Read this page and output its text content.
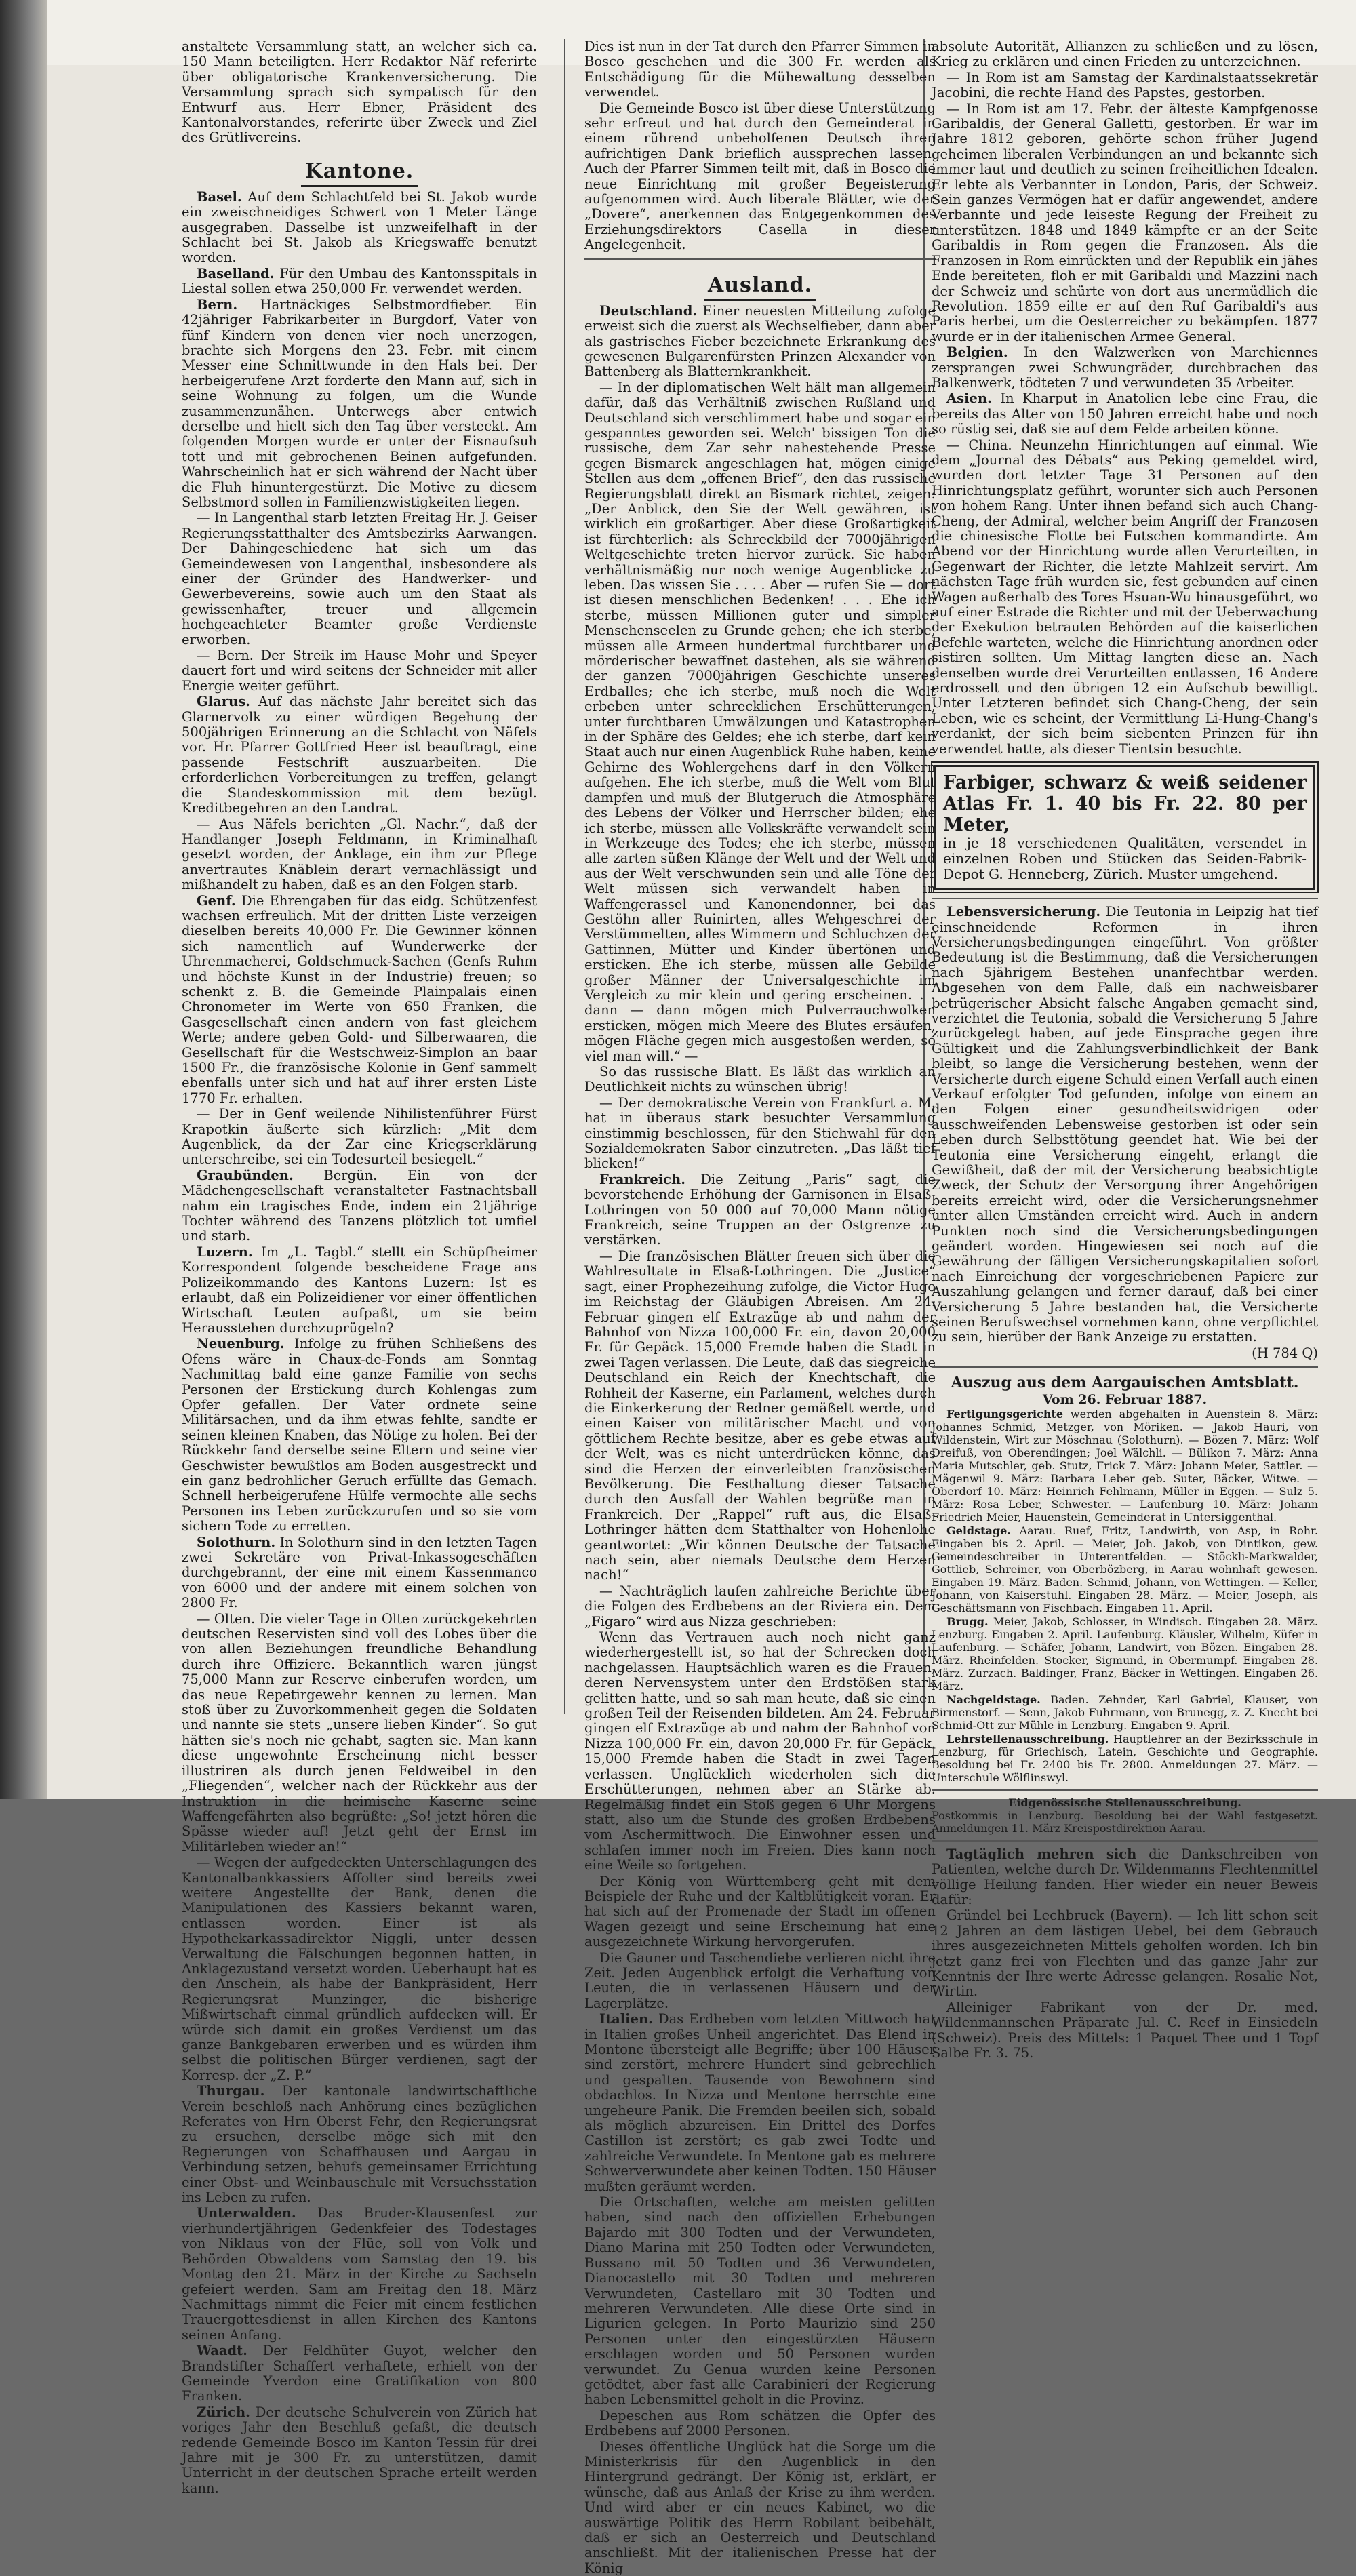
anstaltete Versammlung statt, an welcher sich ca. 150 Mann beteiligten. Herr Redaktor Näf referirte über obligatorische Krankenversicherung. Die Versammlung sprach sich sympatisch für den Entwurf aus. Herr Ebner, Präsident des Kantonalvorstandes, referirte über Zweck und Ziel des Grütlivereins.

Kantone.

Basel. Auf dem Schlachtfeld bei St. Jakob wurde ein zweischneidiges Schwert von 1 Meter Länge ausgegraben. Dasselbe ist unzweifelhaft in der Schlacht bei St. Jakob als Kriegswaffe benutzt worden.

Baselland. Für den Umbau des Kantonsspitals in Liestal sollen etwa 250,000 Fr. verwendet werden.

Bern. Hartnäckiges Selbstmordfieber. Ein 42jähriger Fabrikarbeiter in Burgdorf, Vater von fünf Kindern von denen vier noch unerzogen, brachte sich Morgens den 23. Febr. mit einem Messer eine Schnittwunde in den Hals bei. Der herbeigerufene Arzt forderte den Mann auf, sich in seine Wohnung zu folgen, um die Wunde zusammenzunähen. Unterwegs aber entwich derselbe und hielt sich den Tag über versteckt. Am folgenden Morgen wurde er unter der Eisnaufsuh tott und mit gebrochenen Beinen aufgefunden. Wahrscheinlich hat er sich während der Nacht über die Fluh hinuntergestürzt. Die Motive zu diesem Selbstmord sollen in Familienzwistigkeiten liegen.

— In Langenthal starb letzten Freitag Hr. J. Geiser Regierungsstatthalter des Amtsbezirks Aarwangen. Der Dahingeschiedene hat sich um das Gemeindewesen von Langenthal, insbesondere als einer der Gründer des Handwerker- und Gewerbevereins, sowie auch um den Staat als gewissenhafter, treuer und allgemein hochgeachteter Beamter große Verdienste erworben.

— Bern. Der Streik im Hause Mohr und Speyer dauert fort und wird seitens der Schneider mit aller Energie weiter geführt.

Glarus. Auf das nächste Jahr bereitet sich das Glarnervolk zu einer würdigen Begehung der 500jährigen Erinnerung an die Schlacht von Näfels vor. Hr. Pfarrer Gottfried Heer ist beauftragt, eine passende Festschrift auszuarbeiten. Die erforderlichen Vorbereitungen zu treffen, gelangt die Standeskommission mit dem bezügl. Kreditbegehren an den Landrat.

— Aus Näfels berichten „Gl. Nachr.“, daß der Handlanger Joseph Feldmann, in Kriminalhaft gesetzt worden, der Anklage, ein ihm zur Pflege anvertrautes Knäblein derart vernachlässigt und mißhandelt zu haben, daß es an den Folgen starb.

Genf. Die Ehrengaben für das eidg. Schützenfest wachsen erfreulich. Mit der dritten Liste verzeigen dieselben bereits 40,000 Fr. Die Gewinner können sich namentlich auf Wunderwerke der Uhrenmacherei, Goldschmuck-Sachen (Genfs Ruhm und höchste Kunst in der Industrie) freuen; so schenkt z. B. die Gemeinde Plainpalais einen Chronometer im Werte von 650 Franken, die Gasgesellschaft einen andern von fast gleichem Werte; andere geben Gold- und Silberwaaren, die Gesellschaft für die Westschweiz-Simplon an baar 1500 Fr., die französische Kolonie in Genf sammelt ebenfalls unter sich und hat auf ihrer ersten Liste 1770 Fr. erhalten.

— Der in Genf weilende Nihilistenführer Fürst Krapotkin äußerte sich kürzlich: „Mit dem Augenblick, da der Zar eine Kriegserklärung unterschreibe, sei ein Todesurteil besiegelt.“

Graubünden. Bergün. Ein von der Mädchengesellschaft veranstalteter Fastnachtsball nahm ein tragisches Ende, indem ein 21jährige Tochter während des Tanzens plötzlich tot umfiel und starb.

Luzern. Im „L. Tagbl.“ stellt ein Schüpfheimer Korrespondent folgende bescheidene Frage ans Polizeikommando des Kantons Luzern: Ist es erlaubt, daß ein Polizeidiener vor einer öffentlichen Wirtschaft Leuten aufpaßt, um sie beim Herausstehen durchzuprügeln?

Neuenburg. Infolge zu frühen Schließens des Ofens wäre in Chaux-de-Fonds am Sonntag Nachmittag bald eine ganze Familie von sechs Personen der Erstickung durch Kohlengas zum Opfer gefallen. Der Vater ordnete seine Militärsachen, und da ihm etwas fehlte, sandte er seinen kleinen Knaben, das Nötige zu holen. Bei der Rückkehr fand derselbe seine Eltern und seine vier Geschwister bewußtlos am Boden ausgestreckt und ein ganz bedrohlicher Geruch erfüllte das Gemach. Schnell herbeigerufene Hülfe vermochte alle sechs Personen ins Leben zurückzurufen und so sie vom sichern Tode zu erretten.

Solothurn. In Solothurn sind in den letzten Tagen zwei Sekretäre von Privat-Inkassogeschäften durchgebrannt, der eine mit einem Kassenmanco von 6000 und der andere mit einem solchen von 2800 Fr.

— Olten. Die vieler Tage in Olten zurückgekehrten deutschen Reservisten sind voll des Lobes über die von allen Beziehungen freundliche Behandlung durch ihre Offiziere. Bekanntlich waren jüngst 75,000 Mann zur Reserve einberufen worden, um das neue Repetirgewehr kennen zu lernen. Man stoß über zu Zuvorkommenheit gegen die Soldaten und nannte sie stets „unsere lieben Kinder“. So gut hätten sie's noch nie gehabt, sagten sie. Man kann diese ungewohnte Erscheinung nicht besser illustriren als durch jenen Feldweibel in den „Fliegenden“, welcher nach der Rückkehr aus der Instruktion in die heimische Kaserne seine Waffengefährten also begrüßte: „So! jetzt hören die Spässe wieder auf! Jetzt geht der Ernst im Militärleben wieder an!“

— Wegen der aufgedeckten Unterschlagungen des Kantonalbankkassiers Affolter sind bereits zwei weitere Angestellte der Bank, denen die Manipulationen des Kassiers bekannt waren, entlassen worden. Einer ist als Hypothekarkassadirektor Niggli, unter dessen Verwaltung die Fälschungen begonnen hatten, in Anklagezustand versetzt worden. Ueberhaupt hat es den Anschein, als habe der Bankpräsident, Herr Regierungsrat Munzinger, die bisherige Mißwirtschaft einmal gründlich aufdecken will. Er würde sich damit ein großes Verdienst um das ganze Bankgebaren erwerben und es würden ihm selbst die politischen Bürger verdienen, sagt der Korresp. der „Z. P.“

Thurgau. Der kantonale landwirtschaftliche Verein beschloß nach Anhörung eines bezüglichen Referates von Hrn Oberst Fehr, den Regierungsrat zu ersuchen, derselbe möge sich mit den Regierungen von Schaffhausen und Aargau in Verbindung setzen, behufs gemeinsamer Errichtung einer Obst- und Weinbauschule mit Versuchsstation ins Leben zu rufen.

Unterwalden. Das Bruder-Klausenfest zur vierhundertjährigen Gedenkfeier des Todestages von Niklaus von der Flüe, soll von Volk und Behörden Obwaldens vom Samstag den 19. bis Montag den 21. März in der Kirche zu Sachseln gefeiert werden. Sam am Freitag den 18. März Nachmittags nimmt die Feier mit einem festlichen Trauergottesdienst in allen Kirchen des Kantons seinen Anfang.

Waadt. Der Feldhüter Guyot, welcher den Brandstifter Schaffert verhaftete, erhielt von der Gemeinde Yverdon eine Gratifikation von 800 Franken.

Zürich. Der deutsche Schulverein von Zürich hat voriges Jahr den Beschluß gefaßt, die deutsch redende Gemeinde Bosco im Kanton Tessin für drei Jahre mit je 300 Fr. zu unterstützen, damit Unterricht in der deutschen Sprache erteilt werden kann.

Dies ist nun in der Tat durch den Pfarrer Simmen in Bosco geschehen und die 300 Fr. werden als Entschädigung für die Mühewaltung desselben verwendet.

Die Gemeinde Bosco ist über diese Unterstützung sehr erfreut und hat durch den Gemeinderat in einem rührend unbeholfenen Deutsch ihren aufrichtigen Dank brieflich aussprechen lassen. Auch der Pfarrer Simmen teilt mit, daß in Bosco die neue Einrichtung mit großer Begeisterung aufgenommen wird. Auch liberale Blätter, wie der „Dovere“, anerkennen das Entgegenkommen des Erziehungsdirektors Casella in dieser Angelegenheit.

Ausland.

Deutschland. Einer neuesten Mitteilung zufolge erweist sich die zuerst als Wechselfieber, dann aber als gastrisches Fieber bezeichnete Erkrankung des gewesenen Bulgarenfürsten Prinzen Alexander von Battenberg als Blatternkrankheit.

— In der diplomatischen Welt hält man allgemein dafür, daß das Verhältniß zwischen Rußland und Deutschland sich verschlimmert habe und sogar ein gespanntes geworden sei. Welch' bissigen Ton die russische, dem Zar sehr nahestehende Presse gegen Bismarck angeschlagen hat, mögen einige Stellen aus dem „offenen Brief“, den das russische Regierungsblatt direkt an Bismark richtet, zeigen: „Der Anblick, den Sie der Welt gewähren, ist wirklich ein großartiger. Aber diese Großartigkeit ist fürchterlich: als Schreckbild der 7000jährigen Weltgeschichte treten hiervor zurück. Sie haben verhältnismäßig nur noch wenige Augenblicke zu leben. Das wissen Sie . . . . Aber — rufen Sie — dort ist diesen menschlichen Bedenken! . . . Ehe ich sterbe, müssen Millionen guter und simpler Menschenseelen zu Grunde gehen; ehe ich sterbe, müssen alle Armeen hundertmal furchtbarer und mörderischer bewaffnet dastehen, als sie während der ganzen 7000jährigen Geschichte unseres Erdballes; ehe ich sterbe, muß noch die Welt erbeben unter schrecklichen Erschütterungen, unter furchtbaren Umwälzungen und Katastrophen in der Sphäre des Geldes; ehe ich sterbe, darf kein Staat auch nur einen Augenblick Ruhe haben, keine Gehirne des Wohlergehens darf in den Völkern aufgehen. Ehe ich sterbe, muß die Welt vom Blut dampfen und muß der Blutgeruch die Atmosphäre des Lebens der Völker und Herrscher bilden; ehe ich sterbe, müssen alle Volkskräfte verwandelt sein in Werkzeuge des Todes; ehe ich sterbe, müssen alle zarten süßen Klänge der Welt und der Welt und aus der Welt verschwunden sein und alle Töne der Welt müssen sich verwandelt haben in Waffengerassel und Kanonendonner, bei das Gestöhn aller Ruinirten, alles Wehgeschrei der Verstümmelten, alles Wimmern und Schluchzen der Gattinnen, Mütter und Kinder übertönen und ersticken. Ehe ich sterbe, müssen alle Gebilde großer Männer der Universalgeschichte im Vergleich zu mir klein und gering erscheinen. . . dann — dann mögen mich Pulverrauchwolken ersticken, mögen mich Meere des Blutes ersäufen, mögen Fläche gegen mich ausgestoßen werden, so viel man will.“ —

So das russische Blatt. Es läßt das wirklich an Deutlichkeit nichts zu wünschen übrig!

— Der demokratische Verein von Frankfurt a. M. hat in überaus stark besuchter Versammlung einstimmig beschlossen, für den Stichwahl für den Sozialdemokraten Sabor einzutreten. „Das läßt tief blicken!“

Frankreich. Die Zeitung „Paris“ sagt, die bevorstehende Erhöhung der Garnisonen in Elsaß-Lothringen von 50 000 auf 70,000 Mann nötige Frankreich, seine Truppen an der Ostgrenze zu verstärken.

— Die französischen Blätter freuen sich über die Wahlresultate in Elsaß-Lothringen. Die „Justice“ sagt, einer Prophezeihung zufolge, die Victor Hugo im Reichstag der Gläubigen Abreisen. Am 24. Februar gingen elf Extrazüge ab und nahm der Bahnhof von Nizza 100,000 Fr. ein, davon 20,000 Fr. für Gepäck. 15,000 Fremde haben die Stadt in zwei Tagen verlassen. Die Leute, daß das siegreiche Deutschland ein Reich der Knechtschaft, die Rohheit der Kaserne, ein Parlament, welches durch die Einkerkerung der Redner gemäßelt werde, und einen Kaiser von militärischer Macht und von göttlichem Rechte besitze, aber es gebe etwas auf der Welt, was es nicht unterdrücken könne, das sind die Herzen der einverleibten französischen Bevölkerung. Die Festhaltung dieser Tatsache durch den Ausfall der Wahlen begrüße man in Frankreich. Der „Rappel“ ruft aus, die Elsaß-Lothringer hätten dem Statthalter von Hohenlohe geantwortet: „Wir können Deutsche der Tatsache nach sein, aber niemals Deutsche dem Herzen nach!“

— Nachträglich laufen zahlreiche Berichte über die Folgen des Erdbebens an der Riviera ein. Dem „Figaro“ wird aus Nizza geschrieben:

Wenn das Vertrauen auch noch nicht ganz wiederhergestellt ist, so hat der Schrecken doch nachgelassen. Hauptsächlich waren es die Frauen, deren Nervensystem unter den Erdstößen stark gelitten hatte, und so sah man heute, daß sie einen großen Teil der Reisenden bildeten. Am 24. Februar gingen elf Extrazüge ab und nahm der Bahnhof von Nizza 100,000 Fr. ein, davon 20,000 Fr. für Gepäck. 15,000 Fremde haben die Stadt in zwei Tagen verlassen. Unglücklich wiederholen sich die Erschütterungen, nehmen aber an Stärke ab. Regelmäßig findet ein Stoß gegen 6 Uhr Morgens statt, also um die Stunde des großen Erdbebens vom Aschermittwoch. Die Einwohner essen und schlafen immer noch im Freien. Dies kann noch eine Weile so fortgehen.

Der König von Württemberg geht mit dem Beispiele der Ruhe und der Kaltblütigkeit voran. Er hat sich auf der Promenade der Stadt im offenen Wagen gezeigt und seine Erscheinung hat eine ausgezeichnete Wirkung hervorgerufen.

Die Gauner und Taschendiebe verlieren nicht ihre Zeit. Jeden Augenblick erfolgt die Verhaftung von Leuten, die in verlassenen Häusern und der Lagerplätze.

Italien. Das Erdbeben vom letzten Mittwoch hat in Italien großes Unheil angerichtet. Das Elend in Montone übersteigt alle Begriffe; über 100 Häuser sind zerstört, mehrere Hundert sind gebrechlich und gespalten. Tausende von Bewohnern sind obdachlos. In Nizza und Mentone herrschte eine ungeheure Panik. Die Fremden beeilen sich, sobald als möglich abzureisen. Ein Drittel des Dorfes Castillon ist zerstört; es gab zwei Todte und zahlreiche Verwundete. In Mentone gab es mehrere Schwerverwundete aber keinen Todten. 150 Häuser mußten geräumt werden.

Die Ortschaften, welche am meisten gelitten haben, sind nach den offiziellen Erhebungen Bajardo mit 300 Todten und der Verwundeten, Diano Marina mit 250 Todten oder Verwundeten, Bussano mit 50 Todten und 36 Verwundeten, Dianocastello mit 30 Todten und mehreren Verwundeten, Castellaro mit 30 Todten und mehreren Verwundeten. Alle diese Orte sind in Ligurien gelegen. In Porto Maurizio sind 250 Personen unter den eingestürzten Häusern erschlagen worden und 50 Personen wurden verwundet. Zu Genua wurden keine Personen getödtet, aber fast alle Carabinieri der Regierung haben Lebensmittel geholt in die Provinz.

Depeschen aus Rom schätzen die Opfer des Erdbebens auf 2000 Personen.

Dieses öffentliche Unglück hat die Sorge um die Ministerkrisis für den Augenblick in den Hintergrund gedrängt. Der König ist, erklärt, er wünsche, daß aus Anlaß der Krise zu ihm werden. Und wird aber er ein neues Kabinet, wo die auswärtige Politik des Herrn Robilant beibehält, daß er sich an Oesterreich und Deutschland anschließt. Mit der italienischen Presse hat der König

absolute Autorität, Allianzen zu schließen und zu lösen, Krieg zu erklären und einen Frieden zu unterzeichnen.

— In Rom ist am Samstag der Kardinalstaatssekretär Jacobini, die rechte Hand des Papstes, gestorben.

— In Rom ist am 17. Febr. der älteste Kampfgenosse Garibaldis, der General Galletti, gestorben. Er war im Jahre 1812 geboren, gehörte schon früher Jugend geheimen liberalen Verbindungen an und bekannte sich immer laut und deutlich zu seinen freiheitlichen Idealen. Er lebte als Verbannter in London, Paris, der Schweiz. Sein ganzes Vermögen hat er dafür angewendet, andere Verbannte und jede leiseste Regung der Freiheit zu unterstützen. 1848 und 1849 kämpfte er an der Seite Garibaldis in Rom gegen die Franzosen. Als die Franzosen in Rom einrückten und der Republik ein jähes Ende bereiteten, floh er mit Garibaldi und Mazzini nach der Schweiz und schürte von dort aus unermüdlich die Revolution. 1859 eilte er auf den Ruf Garibaldi's aus Paris herbei, um die Oesterreicher zu bekämpfen. 1877 wurde er in der italienischen Armee General.

Belgien. In den Walzwerken von Marchiennes zersprangen zwei Schwungräder, durchbrachen das Balkenwerk, tödteten 7 und verwundeten 35 Arbeiter.

Asien. In Kharput in Anatolien lebe eine Frau, die bereits das Alter von 150 Jahren erreicht habe und noch so rüstig sei, daß sie auf dem Felde arbeiten könne.

— China. Neunzehn Hinrichtungen auf einmal. Wie dem „Journal des Débats“ aus Peking gemeldet wird, wurden dort letzter Tage 31 Personen auf den Hinrichtungsplatz geführt, worunter sich auch Personen von hohem Rang. Unter ihnen befand sich auch Chang-Cheng, der Admiral, welcher beim Angriff der Franzosen die chinesische Flotte bei Futschen kommandirte. Am Abend vor der Hinrichtung wurde allen Verurteilten, in Gegenwart der Richter, die letzte Mahlzeit servirt. Am nächsten Tage früh wurden sie, fest gebunden auf einen Wagen außerhalb des Tores Hsuan-Wu hinausgeführt, wo auf einer Estrade die Richter und mit der Ueberwachung der Exekution betrauten Behörden auf die kaiserlichen Befehle warteten, welche die Hinrichtung anordnen oder sistiren sollten. Um Mittag langten diese an. Nach denselben wurde drei Verurteilten entlassen, 16 Andere erdrosselt und den übrigen 12 ein Aufschub bewilligt. Unter Letzteren befindet sich Chang-Cheng, der sein Leben, wie es scheint, der Vermittlung Li-Hung-Chang's verdankt, der sich beim siebenten Prinzen für ihn verwendet hatte, als dieser Tientsin besuchte.

Farbiger, schwarz & weiß seidener Atlas Fr. 1. 40 bis Fr. 22. 80 per Meter,
in je 18 verschiedenen Qualitäten, versendet in einzelnen Roben und Stücken das Seiden-Fabrik-Depot G. Henneberg, Zürich. Muster umgehend.

Lebensversicherung. Die Teutonia in Leipzig hat tief einschneidende Reformen in ihren Versicherungsbedingungen eingeführt. Von größter Bedeutung ist die Bestimmung, daß die Versicherungen nach 5jährigem Bestehen unanfechtbar werden. Abgesehen von dem Falle, daß ein nachweisbarer betrügerischer Absicht falsche Angaben gemacht sind, verzichtet die Teutonia, sobald die Versicherung 5 Jahre zurückgelegt haben, auf jede Einsprache gegen ihre Gültigkeit und die Zahlungsverbindlichkeit der Bank bleibt, so lange die Versicherung bestehen, wenn der Versicherte durch eigene Schuld einen Verfall auch einen Verkauf erfolgter Tod gefunden, infolge von einem an den Folgen einer gesundheitswidrigen oder ausschweifenden Lebensweise gestorben ist oder sein Leben durch Selbsttötung geendet hat. Wie bei der Teutonia eine Versicherung eingeht, erlangt die Gewißheit, daß der mit der Versicherung beabsichtigte Zweck, der Schutz der Versorgung ihrer Angehörigen bereits erreicht wird, oder die Versicherungsnehmer unter allen Umständen erreicht wird. Auch in andern Punkten noch sind die Versicherungsbedingungen geändert worden. Hingewiesen sei noch auf die Gewährung der fälligen Versicherungskapitalien sofort nach Einreichung der vorgeschriebenen Papiere zur Auszahlung gelangen und ferner darauf, daß bei einer Versicherung 5 Jahre bestanden hat, die Versicherte seinen Berufswechsel vornehmen kann, ohne verpflichtet zu sein, hierüber der Bank Anzeige zu erstatten.

(H 784 Q)
Auszug aus dem Aargauischen Amtsblatt.
Vom 26. Februar 1887.

Fertigungsgerichte werden abgehalten in Auenstein 8. März: Johannes Schmid, Metzger, von Möriken. — Jakob Hauri, von Wildenstein, Wirt zur Möschnau (Solothurn). — Bözen 7. März: Wolf Dreifuß, von Oberendingen; Joel Wälchli. — Bülikon 7. März: Anna Maria Mutschler, geb. Stutz, Frick 7. März: Johann Meier, Sattler. — Mägenwil 9. März: Barbara Leber geb. Suter, Bäcker, Witwe. — Oberdorf 10. März: Heinrich Fehlmann, Müller in Eggen. — Sulz 5. März: Rosa Leber, Schwester. — Laufenburg 10. März: Johann Friedrich Meier, Hauenstein, Gemeinderat in Untersiggenthal.

Geldstage. Aarau. Ruef, Fritz, Landwirth, von Asp, in Rohr. Eingaben bis 2. April. — Meier, Joh. Jakob, von Dintikon, gew. Gemeindeschreiber in Unterentfelden. — Stöckli-Markwalder, Gottlieb, Schreiner, von Oberbözberg, in Aarau wohnhaft gewesen. Eingaben 19. März. Baden. Schmid, Johann, von Wettingen. — Keller, Johann, von Kaiserstuhl. Eingaben 28. März. — Meier, Joseph, als Geschäftsmann von Fischbach. Eingaben 11. April.

Brugg. Meier, Jakob, Schlosser, in Windisch. Eingaben 28. März. Lenzburg. Eingaben 2. April. Laufenburg. Kläusler, Wilhelm, Küfer in Laufenburg. — Schäfer, Johann, Landwirt, von Bözen. Eingaben 28. März. Rheinfelden. Stocker, Sigmund, in Obermumpf. Eingaben 28. März. Zurzach. Baldinger, Franz, Bäcker in Wettingen. Eingaben 26. März.

Nachgeldstage. Baden. Zehnder, Karl Gabriel, Klauser, von Birmenstorf. — Senn, Jakob Fuhrmann, von Brunegg, z. Z. Knecht bei Schmid-Ott zur Mühle in Lenzburg. Eingaben 9. April.

Lehrstellenausschreibung. Hauptlehrer an der Bezirksschule in Lenzburg, für Griechisch, Latein, Geschichte und Geographie. Besoldung bei Fr. 2400 bis Fr. 2800. Anmeldungen 27. März. — Unterschule Wölflinswyl.

Eidgenössische Stellenausschreibung.

Postkommis in Lenzburg. Besoldung bei der Wahl festgesetzt. Anmeldungen 11. März Kreispostdirektion Aarau.

Tagtäglich mehren sich die Dankschreiben von Patienten, welche durch Dr. Wildenmanns Flechtenmittel völlige Heilung fanden. Hier wieder ein neuer Beweis dafür:

Gründel bei Lechbruck (Bayern). — Ich litt schon seit 12 Jahren an dem lästigen Uebel, bei dem Gebrauch ihres ausgezeichneten Mittels geholfen worden. Ich bin jetzt ganz frei von Flechten und das ganze Jahr zur Kenntnis der Ihre werte Adresse gelangen. Rosalie Not, Wirtin.

Alleiniger Fabrikant von der Dr. med. Wildenmannschen Präparate Jul. C. Reef in Einsiedeln (Schweiz). Preis des Mittels: 1 Paquet Thee und 1 Topf Salbe Fr. 3. 75.
